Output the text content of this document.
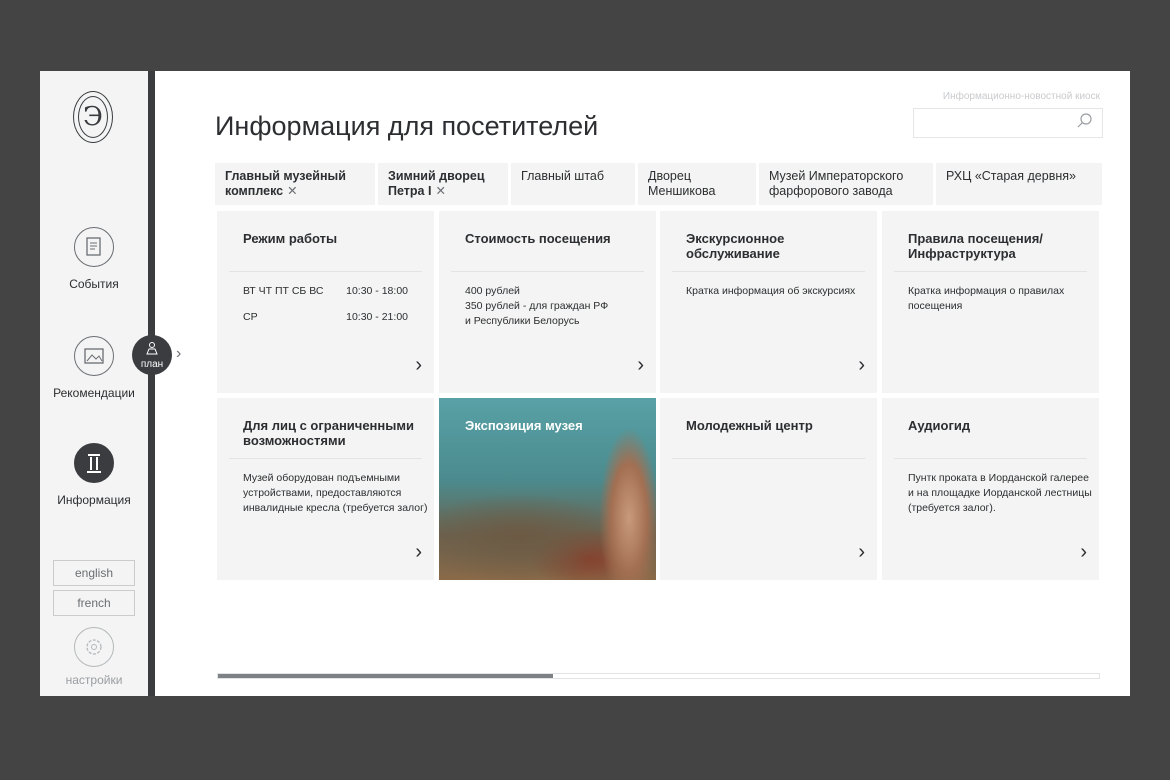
Э
События
Рекомендации
Информация
english
french
настройки
план
›
Информационно-новостной киоск
Информация для посетителей
Главный музейный комплекс ✕
Зимний дворец Петра I ✕
Главный штаб	Дворец Меншикова
Музей Императорского фарфорового завода
РХЦ «Старая дервня»
Режим работы
ВТ ЧТ ПТ СБ ВС 10:30 - 18:00
СР	10:30 - 21:00
›
Стоимость посещения
400 рублей
350 рублей - для граждан РФ
и Республики Белорусь
›
Экскурсионное обслуживание
Кратка информация об экскурсиях
›
Правила посещения/ Инфраструктура
Кратка информация о правилах посещения
Для лиц с ограниченными возможностями
Музей оборудован подъемными устройствами, предоставляются инвалидные кресла (требуется залог)
›
Экспозиция музея	Молодежный центр
›
Аудиогид
Пунтк проката в Иорданской галерее и на площадке Иорданской лестницы (требуется залог).
›
